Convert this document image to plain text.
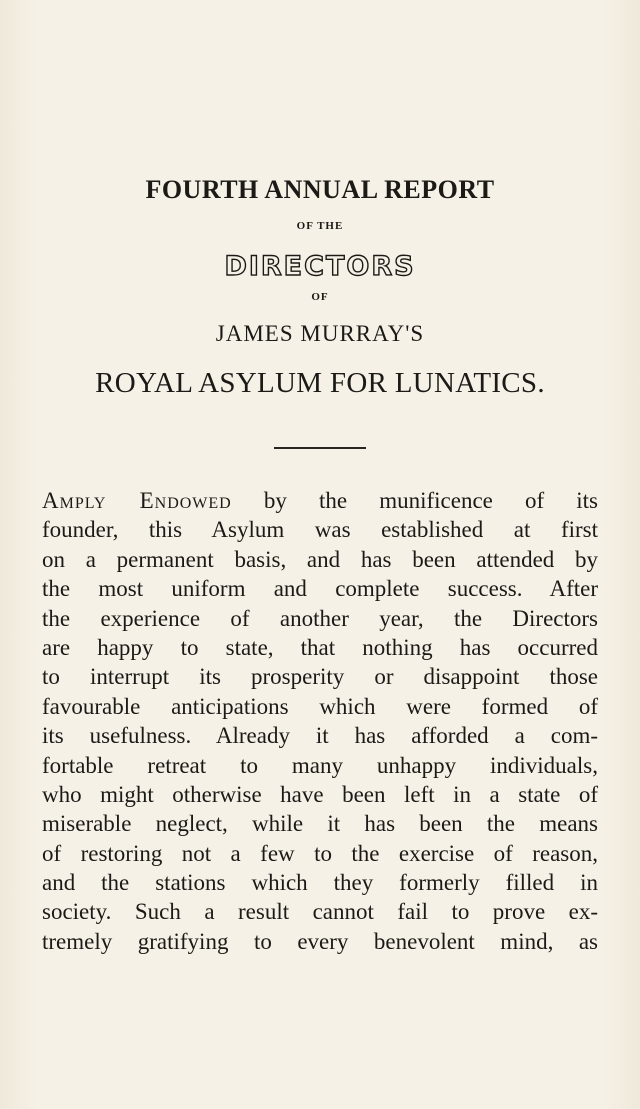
FOURTH ANNUAL REPORT
OF THE
DIRECTORS
OF
JAMES MURRAY'S
ROYAL ASYLUM FOR LUNATICS.
Amply Endowed by the munificence of its
founder, this Asylum was established at first
on a permanent basis, and has been attended by
the most uniform and complete success. After
the experience of another year, the Directors
are happy to state, that nothing has occurred
to interrupt its prosperity or disappoint those
favourable anticipations which were formed of
its usefulness. Already it has afforded a com-
fortable retreat to many unhappy individuals,
who might otherwise have been left in a state of
miserable neglect, while it has been the means
of restoring not a few to the exercise of reason,
and the stations which they formerly filled in
society. Such a result cannot fail to prove ex-
tremely gratifying to every benevolent mind, as
